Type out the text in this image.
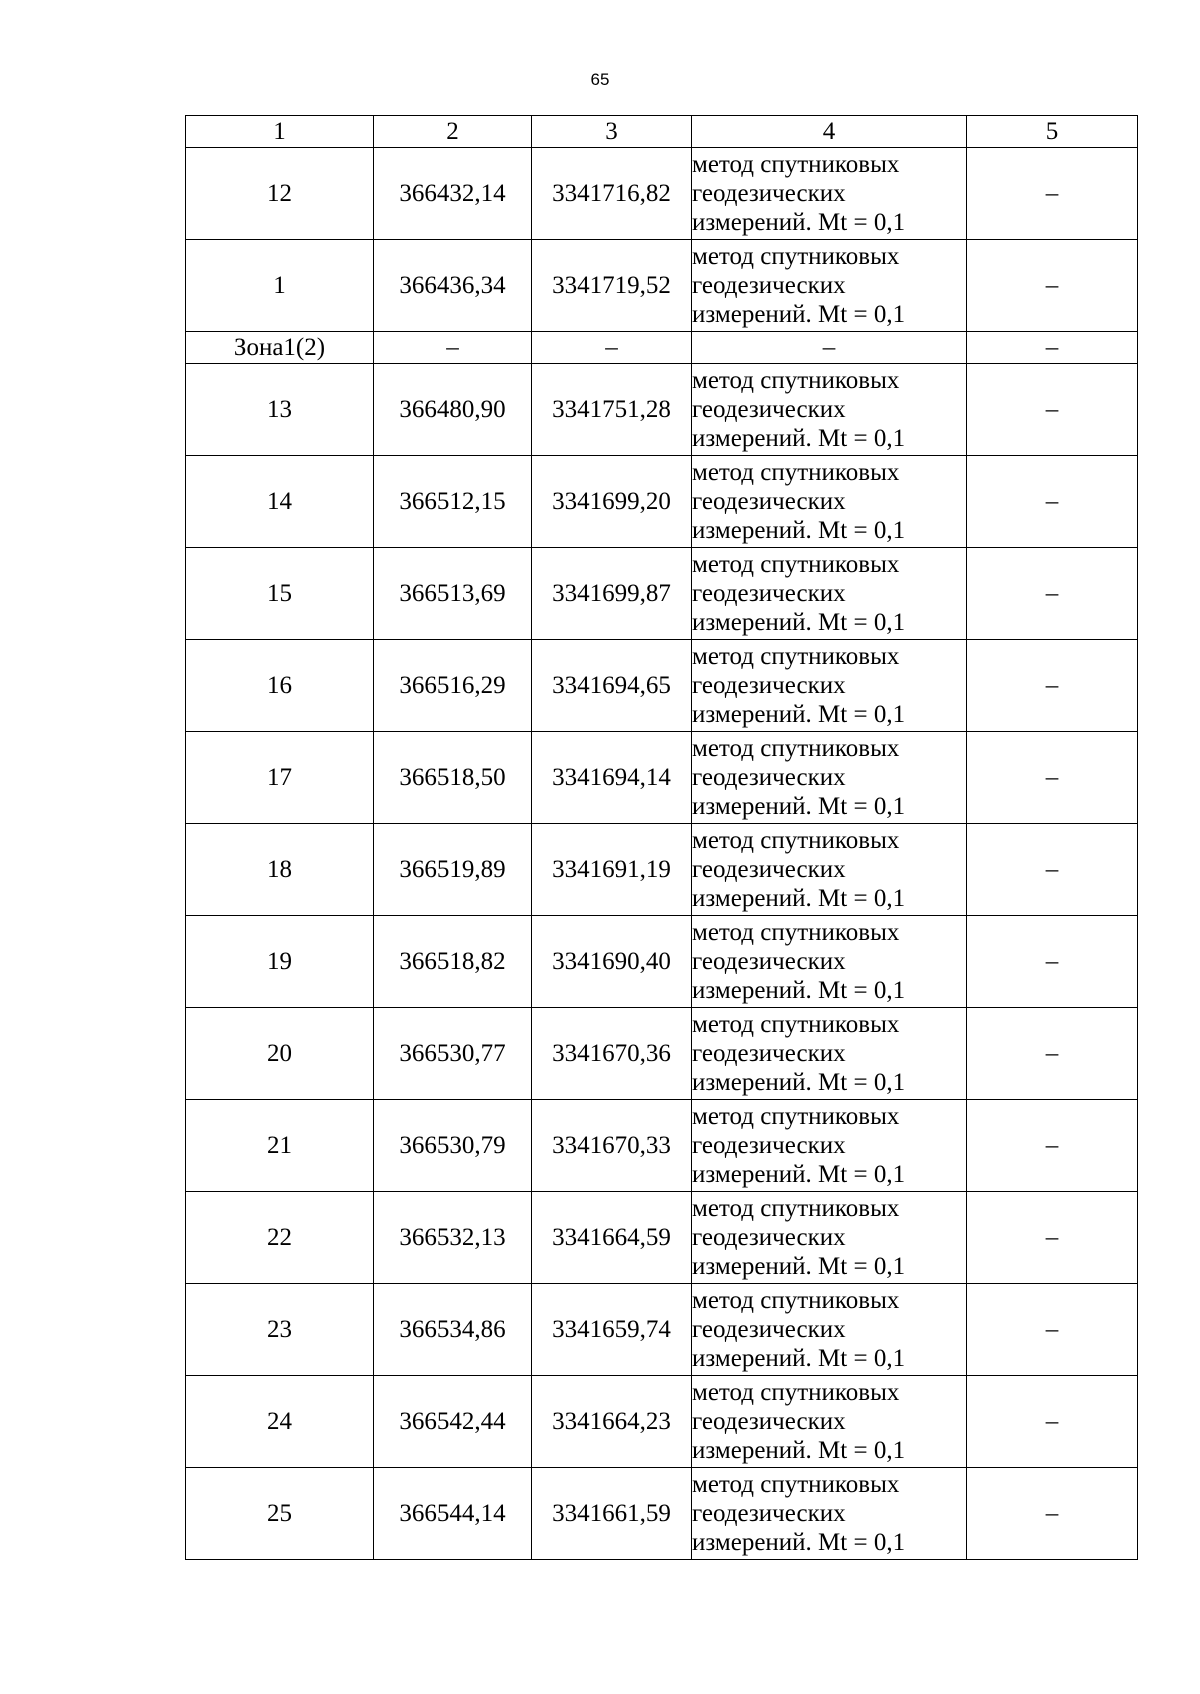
65
1	2	3	4	5
12	366432,14	3341716,82	метод спутниковых
геодезических
измерений. Mt = 0,1	–
1	366436,34	3341719,52	метод спутниковых
геодезических
измерений. Mt = 0,1	–
Зона1(2)	–	–	–	–
13	366480,90	3341751,28	метод спутниковых
геодезических
измерений. Mt = 0,1	–
14	366512,15	3341699,20	метод спутниковых
геодезических
измерений. Mt = 0,1	–
15	366513,69	3341699,87	метод спутниковых
геодезических
измерений. Mt = 0,1	–
16	366516,29	3341694,65	метод спутниковых
геодезических
измерений. Mt = 0,1	–
17	366518,50	3341694,14	метод спутниковых
геодезических
измерений. Mt = 0,1	–
18	366519,89	3341691,19	метод спутниковых
геодезических
измерений. Mt = 0,1	–
19	366518,82	3341690,40	метод спутниковых
геодезических
измерений. Mt = 0,1	–
20	366530,77	3341670,36	метод спутниковых
геодезических
измерений. Mt = 0,1	–
21	366530,79	3341670,33	метод спутниковых
геодезических
измерений. Mt = 0,1	–
22	366532,13	3341664,59	метод спутниковых
геодезических
измерений. Mt = 0,1	–
23	366534,86	3341659,74	метод спутниковых
геодезических
измерений. Mt = 0,1	–
24	366542,44	3341664,23	метод спутниковых
геодезических
измерений. Mt = 0,1	–
25	366544,14	3341661,59	метод спутниковых
геодезических
измерений. Mt = 0,1	–
